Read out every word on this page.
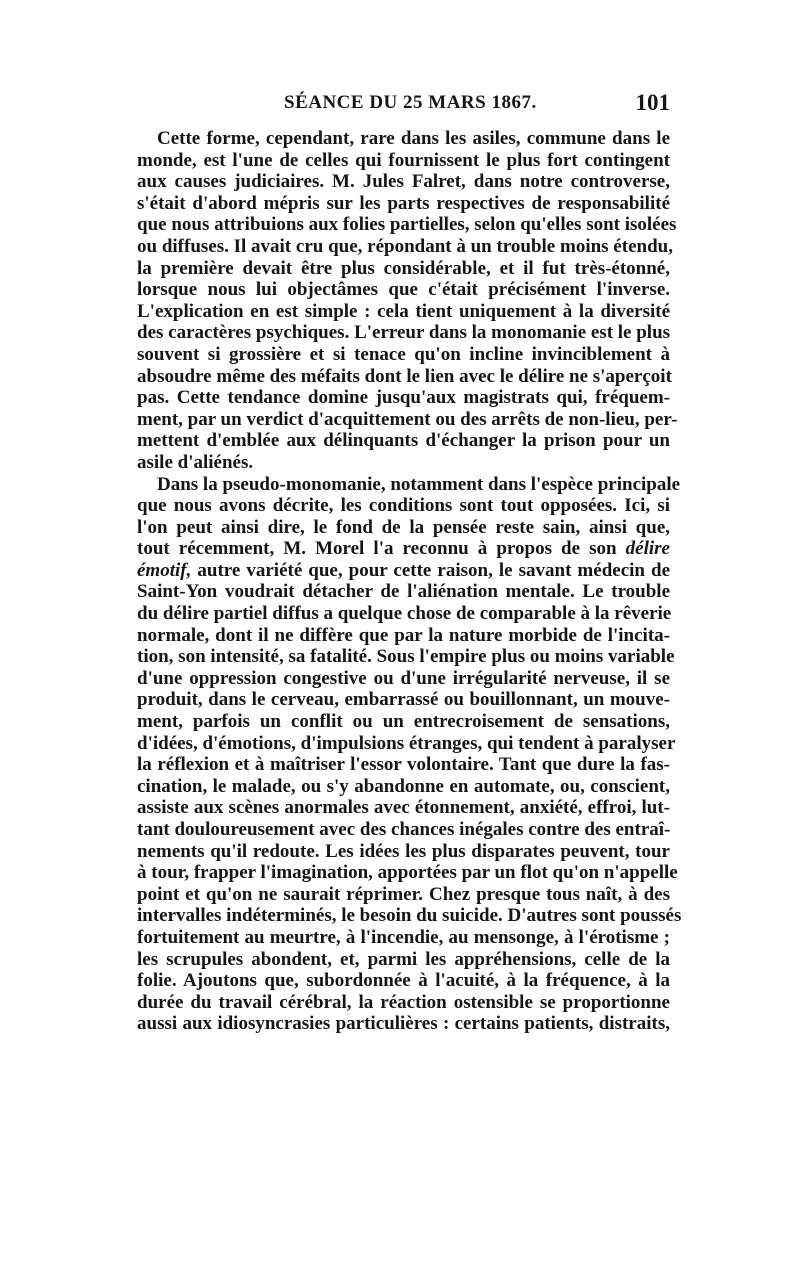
SÉANCE DU 25 MARS 1867.	101
Cette forme, cependant, rare dans les asiles, commune dans le
monde, est l'une de celles qui fournissent le plus fort contingent
aux causes judiciaires. M. Jules Falret, dans notre controverse,
s'était d'abord mépris sur les parts respectives de responsabilité
que nous attribuions aux folies partielles, selon qu'elles sont isolées
ou diffuses. Il avait cru que, répondant à un trouble moins étendu,
la première devait être plus considérable, et il fut très-étonné,
lorsque nous lui objectâmes que c'était précisément l'inverse.
L'explication en est simple : cela tient uniquement à la diversité
des caractères psychiques. L'erreur dans la monomanie est le plus
souvent si grossière et si tenace qu'on incline invinciblement à
absoudre même des méfaits dont le lien avec le délire ne s'aperçoit
pas. Cette tendance domine jusqu'aux magistrats qui, fréquem-
ment, par un verdict d'acquittement ou des arrêts de non-lieu, per-
mettent d'emblée aux délinquants d'échanger la prison pour un
asile d'aliénés.
Dans la pseudo-monomanie, notamment dans l'espèce principale
que nous avons décrite, les conditions sont tout opposées. Ici, si
l'on peut ainsi dire, le fond de la pensée reste sain, ainsi que,
tout récemment, M. Morel l'a reconnu à propos de son délire
émotif, autre variété que, pour cette raison, le savant médecin de
Saint-Yon voudrait détacher de l'aliénation mentale. Le trouble
du délire partiel diffus a quelque chose de comparable à la rêverie
normale, dont il ne diffère que par la nature morbide de l'incita-
tion, son intensité, sa fatalité. Sous l'empire plus ou moins variable
d'une oppression congestive ou d'une irrégularité nerveuse, il se
produit, dans le cerveau, embarrassé ou bouillonnant, un mouve-
ment, parfois un conflit ou un entrecroisement de sensations,
d'idées, d'émotions, d'impulsions étranges, qui tendent à paralyser
la réflexion et à maîtriser l'essor volontaire. Tant que dure la fas-
cination, le malade, ou s'y abandonne en automate, ou, conscient,
assiste aux scènes anormales avec étonnement, anxiété, effroi, lut-
tant douloureusement avec des chances inégales contre des entraî-
nements qu'il redoute. Les idées les plus disparates peuvent, tour
à tour, frapper l'imagination, apportées par un flot qu'on n'appelle
point et qu'on ne saurait réprimer. Chez presque tous naît, à des
intervalles indéterminés, le besoin du suicide. D'autres sont poussés
fortuitement au meurtre, à l'incendie, au mensonge, à l'érotisme ;
les scrupules abondent, et, parmi les appréhensions, celle de la
folie. Ajoutons que, subordonnée à l'acuité, à la fréquence, à la
durée du travail cérébral, la réaction ostensible se proportionne
aussi aux idiosyncrasies particulières : certains patients, distraits,
